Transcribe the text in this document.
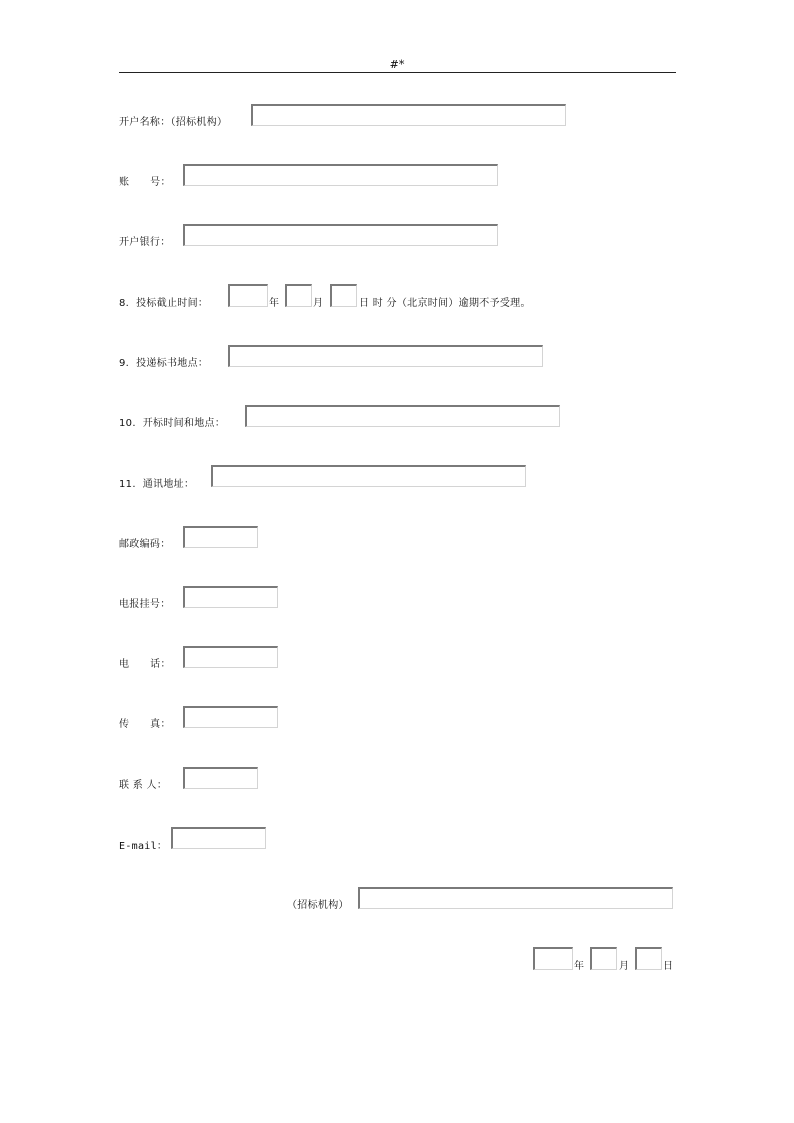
#*
开户名称：（招标机构）
账      号：
开户银行：
8.  投标截止时间：	年	月	日 时 分（北京时间）逾期不予受理。
9.  投递标书地点：
10.  开标时间和地点：
11.  通讯地址：
邮政编码：
电报挂号：
电      话：
传      真：
联 系 人：
E-mail：
（招标机构）
年	月	日
